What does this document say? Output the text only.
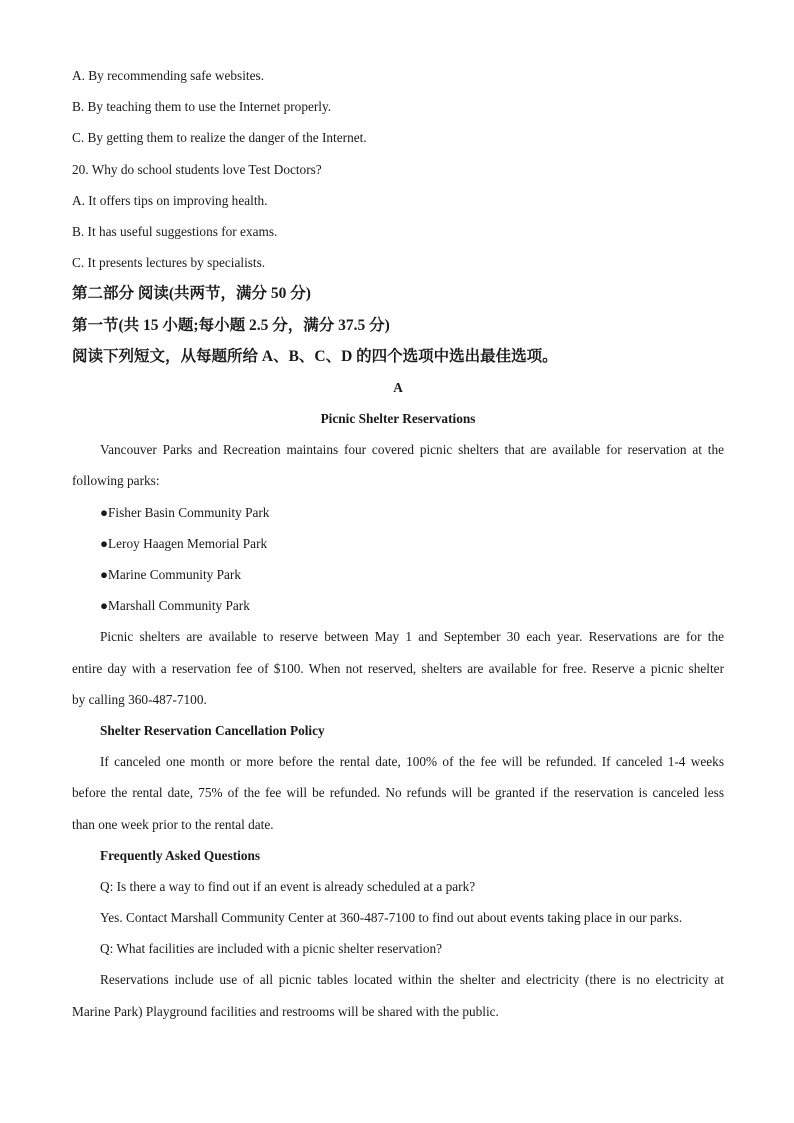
A. By recommending safe websites.
B. By teaching them to use the Internet properly.
C. By getting them to realize the danger of the Internet.
20. Why do school students love Test Doctors?
A. It offers tips on improving health.
B. It has useful suggestions for exams.
C. It presents lectures by specialists.
第二部分 阅读(共两节，满分 50 分)
第一节(共 15 小题;每小题 2.5 分，满分 37.5 分)
阅读下列短文，从每题所给 A、B、C、D 的四个选项中选出最佳选项。
A
Picnic Shelter Reservations
Vancouver Parks and Recreation maintains four covered picnic shelters that are available for reservation at the
following parks:
●Fisher Basin Community Park
●Leroy Haagen Memorial Park
●Marine Community Park
●Marshall Community Park
Picnic shelters are available to reserve between May 1 and September 30 each year. Reservations are for the
entire day with a reservation fee of $100. When not reserved, shelters are available for free. Reserve a picnic shelter
by calling 360-487-7100.
Shelter Reservation Cancellation Policy
If canceled one month or more before the rental date, 100% of the fee will be refunded. If canceled 1-4 weeks
before the rental date, 75% of the fee will be refunded. No refunds will be granted if the reservation is canceled less
than one week prior to the rental date.
Frequently Asked Questions
Q: Is there a way to find out if an event is already scheduled at a park?
Yes. Contact Marshall Community Center at 360-487-7100 to find out about events taking place in our parks.
Q: What facilities are included with a picnic shelter reservation?
Reservations include use of all picnic tables located within the shelter and electricity (there is no electricity at
Marine Park) Playground facilities and restrooms will be shared with the public.
